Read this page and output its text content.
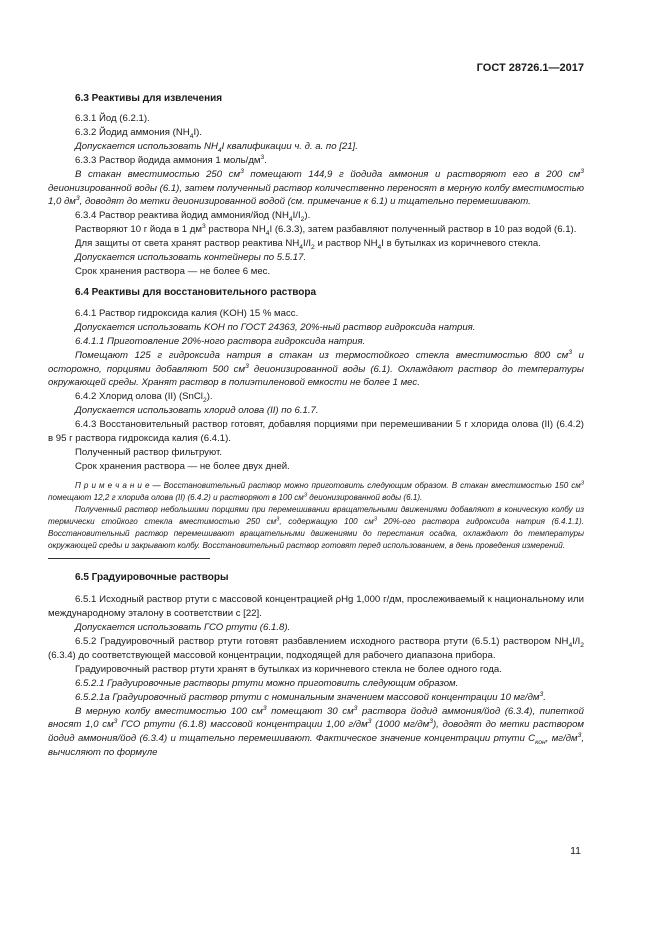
ГОСТ 28726.1—2017

6.3 Реактивы для извлечения

6.3.1 Йод (6.2.1).

6.3.2 Йодид аммония $(NH_4I)$.

Допускается использовать $NH_4I$ квалификации ч. д. а. по [21].

6.3.3 Раствор йодида аммония 1 моль/$дм^3$.

В стакан вместимостью 250 $см^3$ помещают 144,9 г йодида аммония и растворяют его в 200 $см^3$ деионизированной воды (6.1), затем полученный раствор количественно переносят в мерную колбу вместимостью 1,0 $дм^3$, доводят до метки деионизированной водой (см. примечание к 6.1) и тщательно перемешивают.

6.3.4 Раствор реактива йодид аммония/йод $(NH_4I/I_2)$.

Растворяют 10 г йода в 1 $дм^3$ раствора $NH_4I$ (6.3.3), затем разбавляют полученный раствор в 10 раз водой (6.1).

Для защиты от света хранят раствор реактива $NH_4I/I_2$ и раствор $NH_4I$ в бутылках из коричневого стекла.

Допускается использовать контейнеры по 5.5.17.

Срок хранения раствора — не более 6 мес.

6.4 Реактивы для восстановительного раствора

6.4.1 Раствор гидроксида калия (KOH) 15 % масс.

Допускается использовать KOH по ГОСТ 24363, 20%-ный раствор гидроксида натрия.

6.4.1.1 Приготовление 20%-ного раствора гидроксида натрия.

Помещают 125 г гидроксида натрия в стакан из термостойкого стекла вместимостью 800 $см^3$ и осторожно, порциями добавляют 500 $см^3$ деионизированной воды (6.1). Охлаждают раствор до температуры окружающей среды. Хранят раствор в полиэтиленовой емкости не более 1 мес.

6.4.2 Хлорид олова (II) (SnCl$_2$).

Допускается использовать хлорид олова (II) по 6.1.7.

6.4.3 Восстановительный раствор готовят, добавляя порциями при перемешивании 5 г хлорида олова (II) (6.4.2) в 95 г раствора гидроксида калия (6.4.1).

Полученный раствор фильтруют.

Срок хранения раствора — не более двух дней.

П р и м е ч а н и е — Восстановительный раствор можно приготовить следующим образом. В стакан вместимостью 150 $см^3$ помещают 12,2 г хлорида олова (II) (6.4.2) и растворяют в 100 $см^3$ деионизированной воды (6.1).

Полученный раствор небольшими порциями при перемешивании вращательными движениями добавляют в коническую колбу из термически стойкого стекла вместимостью 250 $см^3$, содержащую 100 $см^3$ 20%-ого раствора гидроксида натрия (6.4.1.1). Восстановительный раствор перемешивают вращательными движениями до перестания осадка, охлаждают до температуры окружающей среды и закрывают колбу. Восстановительный раствор готовят перед использованием, в день проведения измерений.

6.5 Градуировочные растворы

6.5.1 Исходный раствор ртути с массовой концентрацией ρHg 1,000 г/дм, прослеживаемый к национальному или международному эталону в соответствии с [22].

Допускается использовать ГСО ртути (6.1.8).

6.5.2 Градуировочный раствор ртути готовят разбавлением исходного раствора ртути (6.5.1) раствором $NH_4I/I_2$ (6.3.4) до соответствующей массовой концентрации, подходящей для рабочего диапазона прибора.

Градуировочный раствор ртути хранят в бутылках из коричневого стекла не более одного года.

6.5.2.1 Градуировочные растворы ртути можно приготовить следующим образом.

6.5.2.1а Градуировочный раствор ртути с номинальным значением массовой концентрации 10 $мг/дм^3$.

В мерную колбу вместимостью 100 $см^3$ помещают 30 $см^3$ раствора йодид аммония/йод (6.3.4), пипеткой вносят 1,0 $см^3$ ГСО ртути (6.1.8) массовой концентрации 1,00 $г/дм^3$ (1000 $мг/дм^3$), доводят до метки раствором йодид аммония/йод (6.3.4) и тщательно перемешивают. Фактическое значение концентрации ртути $C_{кон}$, $мг/дм^3$, вычисляют по формуле

11
